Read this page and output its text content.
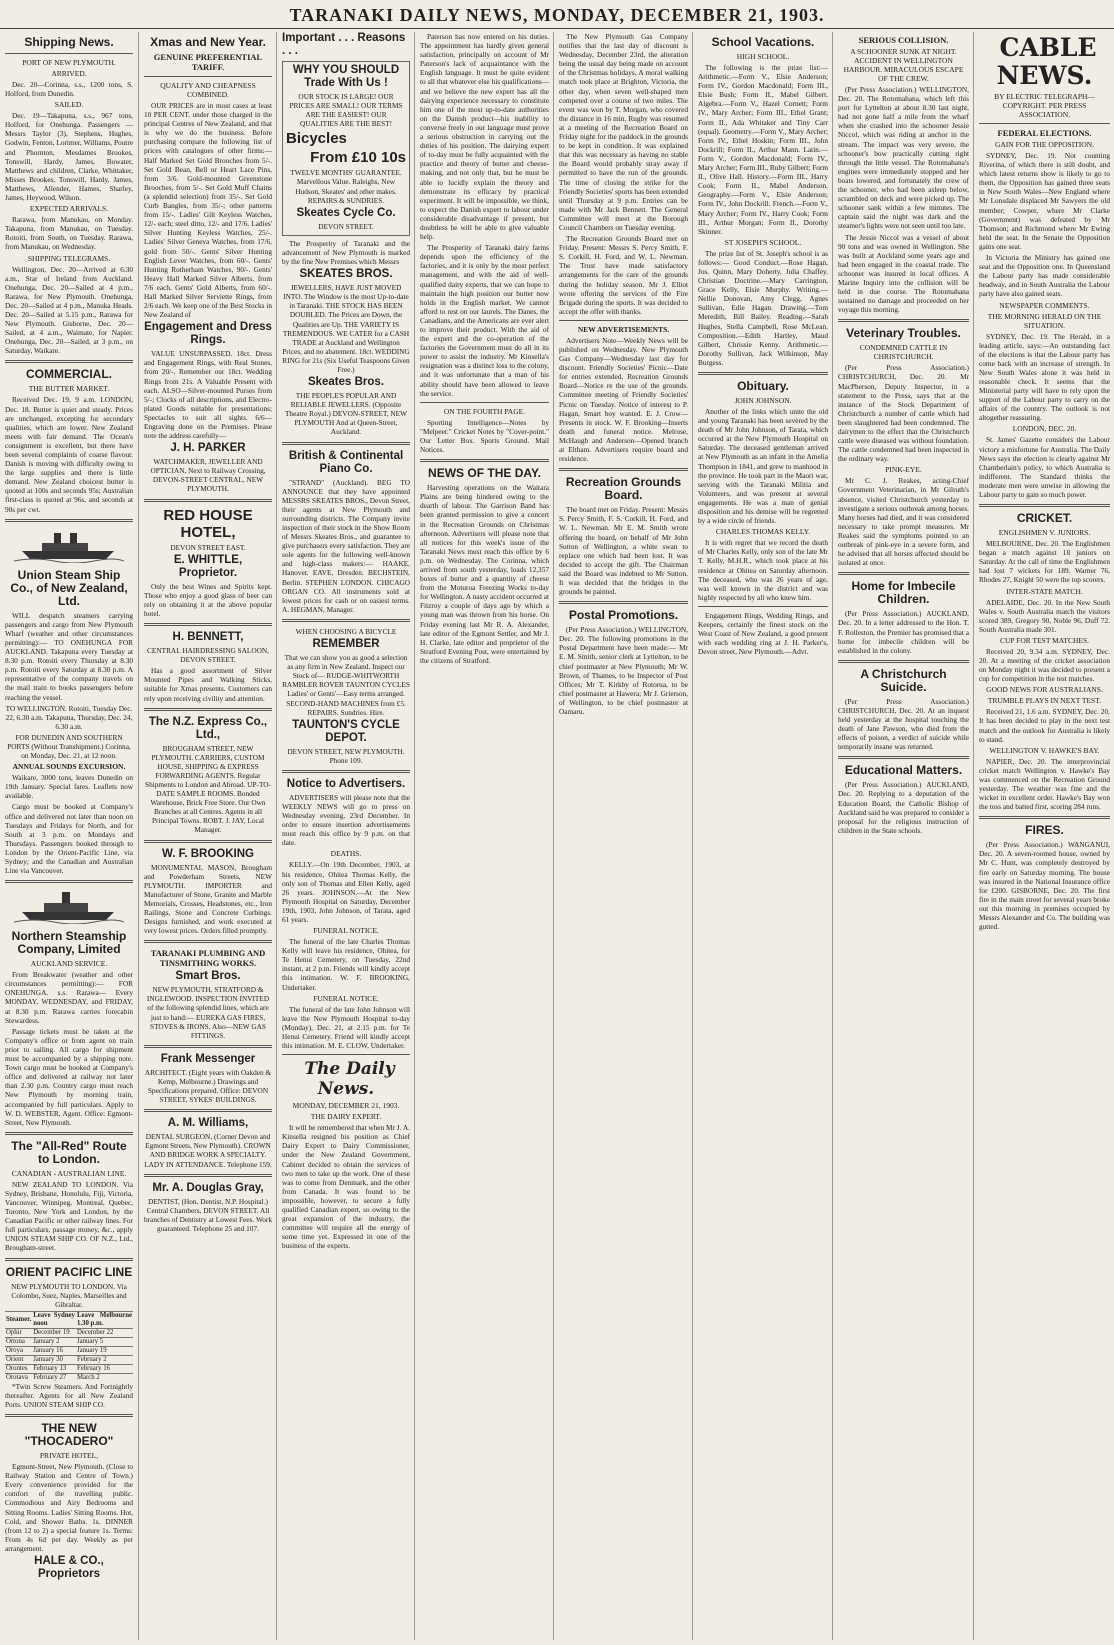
TARANAKI DAILY NEWS, MONDAY, DECEMBER 21, 1903.
Shipping News.
PORT OF NEW PLYMOUTH.
ARRIVED.

Dec. 20—Corinna, s.s., 1200 tons, S. Holford, from Dunedin.

SAILED.

Dec. 19—Takapuna, s.s., 967 tons, Holford, for Onehunga. Passengers —Messrs Taylor (3), Stephens, Hughes, Godwin, Fenton, Lorimer, Williams, Poutre and Phornton, Mesdames Brookes, Tonswill, Hardy, James, Bowater, Matthews and children, Clarke, Whittaker, Misses Brookes, Tonswill, Hardy, James, Matthews, Allender, Hames, Sharley, James, Heywood, Wilson.

EXPECTED ARRIVALS.

Rarawa, from Manukau, on Monday. Takapuna, from Manukau, on Tuesday. Rotoiti, from South, on Tuesday. Rarawa, from Manukau, on Wednesday.

SHIPPING TELEGRAMS.

Wellington, Dec. 20—Arrived at 6.30 a.m., Star of Ireland from Auckland. Onehunga, Dec. 20—Sailed at 4 p.m., Rarawa, for New Plymouth. Onehunga, Dec. 20—Sailed at 4 p.m., Manuka Heads. Dec. 20—Sailed at 5.15 p.m., Rarawa for New Plymouth. Gisborne, Dec. 20—Sailed, at 4 a.m., Waimate, for Napier. Onehunga, Dec. 20—Sailed, at 3 p.m., on Saturday, Waikare.

COMMERCIAL.
THE BUTTER MARKET.

Received Dec. 19, 9 a.m. LONDON, Dec. 18. Butter is quiet and steady. Prices are unchanged, excepting for secondary qualities, which are lower. New Zealand meets with fair demand. The Ocean's consignment is excellent, but there have been several complaints of coarse flavour. Danish is moving with difficulty owing to the large supplies and there is little demand. New Zealand choicest butter is quoted at 100s and seconds 95s; Australian first-class is quoted at 96s, and seconds at 90s per cwt.

Union Steam Ship Co., of New Zealand, Ltd.

WILL despatch steamers carrying passengers and cargo from New Plymouth Wharf (weather and other circumstances permitting):— TO ONEHUNGA FOR AUCKLAND. Takapuna every Tuesday at 8.30 p.m. Rotoiti every Thursday at 8.30 p.m. Rotoiti every Saturday at 8.30 p.m. A representative of the company travels on the mail train to books passengers before reaching the vessel.

TO WELLINGTON. Rotoiti, Tuesday Dec. 22, 6.30 a.m. Takapuna, Thursday, Dec. 24, 6.30 a.m.

FOR DUNEDIN AND SOUTHERN PORTS (Without Transhipment.) Corinna, on Monday, Dec. 21, at 12 noon.

ANNUAL SOUNDS EXCURSION.

Waikare, 3000 tons, leaves Dunedin on 19th January. Special fares. Leaflets now available.

Cargo must be booked at Company's office and delivered not later than noon on Tuesdays and Fridays for North, and for South at 3 p.m. on Mondays and Thursdays. Passengers booked through to London by the Orient-Pacific Line, via Sydney; and the Canadian and Australian Line via Vancouver.

Northern Steamship Company, Limited
AUCKLAND SERVICE.

From Breakwater (weather and other circumstances permitting):— FOR ONEHUNGA. s.s. Rarawa— Every MONDAY, WEDNESDAY, and FRIDAY, at 8.30 p.m. Rarawa carries forecabin Stewardess.

Passage tickets must be taken at the Company's office or from agent on train prior to sailing. All cargo for shipment must be accompanied by a shipping note. Town cargo must be booked at Company's office and delivered at railway not later than 2.30 p.m. Country cargo must reach New Plymouth by morning train, accompanied by full particulars. Apply to W. D. WEBSTER, Agent. Office: Egmont-Street, New Plymouth.

The "All-Red" Route to London.
CANADIAN - AUSTRALIAN LINE.

NEW ZEALAND TO LONDON. Via Sydney, Brisbane, Honolulu, Fiji, Victoria, Vancouver, Winnipeg, Montreal, Quebec, Toronto, New York and London, by the Canadian Pacific or other railway lines. For full particulars, passage money, &c., apply UNION STEAM SHIP CO. OF N.Z., Ltd., Brougham-street.

ORIENT PACIFIC LINE

NEW PLYMOUTH TO LONDON. Via Colombo, Suez, Naples, Marseilles and Gibraltar.

Steamer.	Leave Sydney noon	Leave Melbourne 1.30 p.m.
Ophir	December 19	December 22
Ortona	January 2	January 5
Oroya	January 16	January 19
Orient	January 30	February 2
Orontes	February 13	February 16
Orotava	February 27	March 2

*Twin Screw Steamers. And Fortnightly thereafter. Agents for all New Zealand Ports. UNION STEAM SHIP CO.

THE NEW "THOCADERO"
PRIVATE HOTEL,

Egmont-Street, New Plymouth. (Close to Railway Station and Centre of Town.) Every convenience provided for the comfort of the travelling public. Commodious and Airy Bedrooms and Sitting Rooms. Ladies' Sitting Rooms. Hot, Cold, and Shower Baths. 1s. DINNER (from 12 to 2) a special feature 1s. Terms: From 4s 6d per day. Weekly as per arrangement.

HALE & CO., Proprietors

Xmas and New Year.
GENUINE PREFERENTIAL TARIFF.
QUALITY AND CHEAPNESS COMBINED.

OUR PRICES are in most cases at least 10 PER CENT. under those charged in the principal Centres of New Zealand, and that is why we do the business. Before purchasing compare the following list of prices with catalogues of other firms:— Half Marked Set Gold Brooches from 5/-. Set Gold Bean, Bell or Heart Lace Pins, from 3/6. Gold-mounted Greenstone Brooches, from 5/-. Set Gold Muff Chains (a splendid selection) from 35/-. Set Gold Curb Bangles, from 35/-; other patterns from 15/-. Ladies' Gilt Keyless Watches, 12/- each; steel ditto, 12/- and 17/6. Ladies' Silver Hunting Keyless Watches, 25/-. Ladies' Silver Geneva Watches, from 17/6, gold from 50/-. Gents' Silver Hunting English Lever Watches, from 60/-. Gents' Hunting Rotherham Watches, 90/-. Gents' Heavy Hall Marked Silver Alberts, from 7/6 each. Gents' Gold Alberts, from 60/-. Hall Marked Silver Serviette Rings, from 2/6 each. We keep one of the Best Stocks in New Zealand of

Engagement and Dress Rings.

VALUE UNSURPASSED. 18ct. Dress and Engagement Rings, with Real Stones, from 20/-. Remember our 18ct. Wedding Rings from 21s. A Valuable Present with each. ALSO—Silver-mounted Purses from 5/-; Clocks of all descriptions, and Electro-plated Goods suitable for presentations; Spectacles to suit all sights. 6/6—Engraving done on the Premises. Please note the address carefully—

J. H. PARKER

WATCHMAKER, JEWELLER AND OPTICIAN, Next to Railway Crossing, DEVON-STREET CENTRAL, NEW PLYMOUTH.

RED HOUSE HOTEL,

DEVON STREET EAST.

E. WHITTLE, Proprietor.

Only the best Wines and Spirits kept. Those who enjoy a good glass of beer can rely on obtaining it at the above popular hotel.

H. BENNETT,

CENTRAL HAIRDRESSING SALOON, DEVON STREET.

Has a good assortment of Silver Mounted Pipes and Walking Sticks, suitable for Xmas presents. Customers can rely upon receiving civility and attention.

The N.Z. Express Co., Ltd.,

BROUGHAM STREET, NEW PLYMOUTH. CARRIERS, CUSTOM HOUSE, SHIPPING & EXPRESS FORWARDING AGENTS. Regular Shipments to London and Abroad. UP-TO-DATE SAMPLE ROOMS. Bonded Warehouse, Brick Free Store. Our Own Branches at all Centres. Agents in all Principal Towns. ROBT. J. JAY, Local Manager.

W. F. BROOKING

MONUMENTAL MASON, Brougham and Powderham Streets, NEW PLYMOUTH. IMPORTER and Manufacturer of Stone, Granite and Marble Memorials, Crosses, Headstones, etc., Iron Railings, Stone and Concrete Curbings. Designs furnished, and work executed at very lowest prices. Orders filled promptly.

TARANAKI PLUMBING AND TINSMITHING WORKS.

Smart Bros.

NEW PLYMOUTH, STRATFORD & INGLEWOOD. INSPECTION INVITED of the following splendid lines, which are just to hand:— EUREKA GAS FIRES, STOVES & IRONS. Also—NEW GAS FITTINGS.

Frank Messenger

ARCHITECT. (Eight years with Oakden & Kemp, Melbourne.) Drawings and Specifications prepared. Office: DEVON STREET, SYKES' BUILDINGS.

A. M. Williams,

DENTAL SURGEON, (Corner Devon and Egmont Streets, New Plymouth). CROWN AND BRIDGE WORK A SPECIALTY. LADY IN ATTENDANCE. Telephone 159.

Mr. A. Douglas Gray,

DENTIST, (Hon. Dentist, N.P. Hospital.) Central Chambers, DEVON STREET. All branches of Dentistry at Lowest Fees. Work guaranteed. Telephone 25 and 107.

Important . . . Reasons . . .

WHY YOU SHOULD Trade With Us !

OUR STOCK IS LARGE! OUR PRICES ARE SMALL! OUR TERMS ARE THE EASIEST! OUR QUALITIES ARE THE BEST!

Bicycles

From £10 10s

TWELVE MONTHS' GUARANTEE. Marvellous Value. Raleighs, New Hudson, Skeates' and other makes. REPAIRS & SUNDRIES.

Skeates Cycle Co.

DEVON STREET.

The Prosperity of Taranaki and the advancement of New Plymouth is marked by the fine New Premises which Messrs

SKEATES BROS.

JEWELLERS, HAVE JUST MOVED INTO. The Window is the most Up-to-date in Taranaki. THE STOCK HAS BEEN DOUBLED. The Prices are Down, the Qualities are Up. THE VARIETY IS TREMENDOUS. WE CATER for a CASH TRADE at Auckland and Wellington Prices, and no abatement. 18ct. WEDDING RING for 21s (Six Useful Teaspoons Given Free.)

Skeates Bros.

THE PEOPLE'S POPULAR AND RELIABLE JEWELLERS. (Opposite Theatre Royal.) DEVON-STREET, NEW PLYMOUTH And at Queen-Street, Auckland.

British & Continental Piano Co.

"STRAND" (Auckland). BEG TO ANNOUNCE that they have appointed MESSRS SKEATES BROS., Devon Street, their agents at New Plymouth and surrounding districts. The Company invite inspection of their stock in the Show Room of Messrs Skeates Bros., and guarantee to give purchasers every satisfaction. They are sole agents for the following well-known and high-class makers:— HAAKE, Hanover. EAVE, Dresden. BECHSTEIN, Berlin. STEPHEN LONDON. CHICAGO ORGAN CO. All instruments sold at lowest prices for cash or on easiest terms. A. HEGMAN, Manager.

WHEN CHOOSING A BICYCLE

REMEMBER

That we can show you as good a selection as any firm in New Zealand. Inspect our Stock of— RUDGE-WHITWORTH RAMBLER ROVER TAUNTON CYCLES Ladies' or Gents'—Easy terms arranged. SECOND-HAND MACHINES from £5. REPAIRS. Sundries. Hire.

TAUNTON'S CYCLE DEPOT.

DEVON STREET, NEW PLYMOUTH. Phone 109.

Notice to Advertisers.

ADVERTISERS will please note that the WEEKLY NEWS will go to press on Wednesday evening, 23rd December. In order to ensure insertion advertisements must reach this office by 9 p.m. on that date.

DEATHS.

KELLY.—On 19th December, 1903, at his residence, Ohitea Thomas Kelly, the only son of Thomas and Ellen Kelly, aged 26 years. JOHNSON.—At the New Plymouth Hospital on Saturday, December 19th, 1903, John Johnson, of Tarata, aged 61 years.

FUNERAL NOTICE.

The funeral of the late Charles Thomas Kelly will leave his residence, Ohitea, for Te Henui Cemetery, on Tuesday, 22nd instant, at 2 p.m. Friends will kindly accept this intimation. W. F. BROOKING, Undertaker.

FUNERAL NOTICE.

The funeral of the late John Johnson will leave the New Plymouth Hospital to-day (Monday), Dec. 21, at 2.15 p.m. for Te Henui Cemetery. Friend will kindly accept this intimation. M. E. CLOW, Undertaker.

The Daily News.

MONDAY, DECEMBER 21, 1903.
THE DAIRY EXPERT.

It will be remembered that when Mr J. A. Kinsella resigned his position as Chief Dairy Expert to Dairy Commissioner, under the New Zealand Government, Cabinet decided to obtain the services of two men to take up the work. One of these was to come from Denmark, and the other from Canada. It was found to be impossible, however, to secure a fully qualified Canadian expert, so owing to the great expansion of the industry, the committee will require all the energy of some time yet. Expressed in one of the business of the experts.

Paterson has now entered on his duties. The appointment has hardly given general satisfaction, principally on account of Mr Paterson's lack of acquaintance with the English language. It must be quite evident to all that whatever else his qualifications—and we believe the new expert has all the dairying experience necessary to constitute him one of the most up-to-date authorities on the Danish product—his inability to converse freely in our language must prove a serious obstruction in carrying out the duties of his position. The dairying expert of to-day must be fully acquainted with the practice and theory of butter and cheese-making, and not only that, but he must be able to lucidly explain the theory and demonstrate its efficacy by practical experiment. It will be impossible, we think, to expect the Danish expert to labour under considerable disadvantage if present, but doubtless he will be able to give valuable help.

The Prosperity of Taranaki dairy farms depends upon the efficiency of the factories, and it is only by the most perfect management, and with the aid of well-qualified dairy experts, that we can hope to maintain the high position our butter now holds in the English market. We cannot afford to rest on our laurels. The Danes, the Canadians, and the Americans are ever alert to improve their product. With the aid of the expert and the co-operation of the factories the Government must do all in its power to assist the industry. Mr Kinsella's resignation was a distinct loss to the colony, and it was unfortunate that a man of his ability should have been allowed to leave the service.

ON THE FOURTH PAGE.

Sporting Intelligence—Notes by "Melpeer." Cricket Notes by "Cover-point." Our Letter Box. Sports Ground. Mail Notices.

NEWS OF THE DAY.

Harvesting operations on the Waitara Plains are being hindered owing to the dearth of labour. The Garrison Band has been granted permission to give a concert in the Recreation Grounds on Christmas afternoon. Advertisers will please note that all notices for this week's issue of the Taranaki News must reach this office by 6 p.m. on Wednesday. The Corinna, which arrived from south yesterday, loads 12,357 boxes of butter and a quantity of cheese from the Moturoa Freezing Works to-day for Wellington. A nasty accident occurred at Fitzroy a couple of days ago by which a young man was thrown from his horse. On Friday evening last Mr R. A. Alexander, late editor of the Egmont Settler, and Mr J. H. Clarke, late editor and proprietor of the Stratford Evening Post, were entertained by the citizens of Stratford.

The New Plymouth Gas Company notifies that the last day of discount is Wednesday, December 23rd, the alteration being the usual day being made on account of the Christmas holidays. A moral walking match took place at Brighton, Victoria, the other day, when seven well-shaped men competed over a course of two miles. The event was won by T. Morgan, who covered the distance in 16 min. Rugby was resumed at a meeting of the Recreation Board on Friday night for the paddock in the grounds to be kept in condition. It was explained that this was necessary as having no stable the Board would probably stray away if permitted to have the run of the grounds. The time of closing the strike for the Friendly Societies' sports has been extended until Thursday at 9 p.m. Entries can be made with Mr Jack Bennett. The General Committee will meet at the Borough Council Chambers on Tuesday evening.

The Recreation Grounds Board met on Friday. Present: Messrs S. Percy Smith, F. S. Corkill, H. Ford, and W. L. Newman. The Trust have made satisfactory arrangements for the care of the grounds during the holiday season. Mr J. Elliot wrote offering the services of the Fire Brigade during the sports. It was decided to accept the offer with thanks.

NEW ADVERTISEMENTS.

Advertisers Note—Weekly News will be published on Wednesday. New Plymouth Gas Company—Wednesday last day for discount. Friendly Societies' Picnic—Date for entries extended. Recreation Grounds Board—Notice re the use of the grounds. Committee meeting of Friendly Societies' Picnic on Tuesday. Notice of interest to P. Hagan, Smart boy wanted. E. J. Crow—Presents in stock. W. F. Brooking—Inserts death and funeral notice. Melrose, McHaugh and Anderson—Opened branch at Eltham. Advertisers require board and residence.

Recreation Grounds Board.

The board met on Friday. Present: Messrs S. Percy Smith, F. S. Corkill, H. Ford, and W. L. Newman. Mr E. M. Smith wrote offering the board, on behalf of Mr John Sutton of Wellington, a white swan to replace one which had been lost. It was decided to accept the gift. The Chairman said the Board was indebted to Mr Sutton. It was decided that the bridges in the grounds be painted.

Postal Promotions.

(Per Press Association.) WELLINGTON, Dec. 20. The following promotions in the Postal Department have been made:— Mr E. M. Smith, senior clerk at Lyttelton, to be chief postmaster at New Plymouth; Mr W. Brown, of Thames, to be Inspector of Post Offices; Mr T. Kirkby of Rotorua, to be chief postmaster at Hawera; Mr J. Grierson, of Wellington, to be chief postmaster at Oamaru.

School Vacations.
HIGH SCHOOL.

The following is the prize list:— Arithmetic.—Form V., Elsie Anderson; Form IV., Gordon Macdonald; Form III., Elsie Bush; Form II., Mabel Gilbert. Algebra.—Form V., Hazel Cornett; Form IV., Mary Archer; Form III., Ethel Grant; Form II., Ada Whitaker and Tiny Carr (equal). Geometry.—Form V., Mary Archer; Form IV., Ethel Hoskin; Form III., John Dockrill; Form II., Arthur Mann. Latin.—Form V., Gordon Macdonald; Form IV., Mary Archer; Form III., Ruby Gilbert; Form II., Olive Hall. History.—Form III., Harry Cook; Form II., Mabel Anderson. Geography.—Form V., Elsie Anderson; Form IV., John Dockrill. French.—Form V., Mary Archer; Form IV., Harry Cook; Form III., Arthur Morgan; Form II., Dorothy Skinner.

ST JOSEPH'S SCHOOL.

The prize list of St. Joseph's school is as follows:— Good Conduct.—Rose Hagan, Jos. Quinn, Mary Doherty, Julia Chaffey. Christian Doctrine.—Mary Carrington, Grace Kelly, Elsie Murphy. Writing.—Nellie Donovan, Amy Clegg, Agnes Sullivan, Edie Hagan. Drawing.—Tom Meredith, Bill Bailey. Reading.—Sarah Hughes, Stella Campbell, Rose McLean. Composition.—Edith Hartley, Maud Gilbert, Chrissie Kenny. Arithmetic.—Dorothy Sullivan, Jack Wilkinson, May Burgess.

Obituary.
JOHN JOHNSON.

Another of the links which unite the old and young Taranaki has been severed by the death of Mr John Johnson, of Tarata, which occurred at the New Plymouth Hospital on Saturday. The deceased gentleman arrived at New Plymouth as an infant in the Amelia Thompson in 1841, and grew to manhood in the province. He took part in the Maori war, serving with the Taranaki Militia and Volunteers, and was present at several engagements. He was a man of genial disposition and his demise will be regretted by a wide circle of friends.

CHARLES THOMAS KELLY.

It is with regret that we record the death of Mr Charles Kelly, only son of the late Mr T. Kelly, M.H.R., which took place at his residence at Ohitea on Saturday afternoon. The deceased, who was 26 years of age, was well known in the district and was highly respected by all who knew him.

Engagement Rings, Wedding Rings, and Keepers, certainly the finest stock on the West Coast of New Zealand, a good present with each wedding ring at J. H. Parker's, Devon street, New Plymouth.—Advt.

SERIOUS COLLISION.
A SCHOONER SUNK AT NIGHT. ACCIDENT IN WELLINGTON HARBOUR. MIRACULOUS ESCAPE OF THE CREW.

(Per Press Association.) WELLINGTON, Dec. 20. The Rotomahana, which left this port for Lyttelton at about 8.30 last night, had not gone half a mile from the wharf when she crashed into the schooner Jessie Niccol, which was riding at anchor in the stream. The impact was very severe, the schooner's bow practically cutting right through the little vessel. The Rotomahana's engines were immediately stopped and her boats lowered, and fortunately the crew of the schooner, who had been asleep below, scrambled on deck and were picked up. The schooner sank within a few minutes. The captain said the night was dark and the steamer's lights were not seen until too late.

The Jessie Niccol was a vessel of about 90 tons and was owned in Wellington. She was built at Auckland some years ago and had been engaged in the coastal trade. The schooner was insured in local offices. A Marine Inquiry into the collision will be held in due course. The Rotomahana sustained no damage and proceeded on her voyage this morning.

Veterinary Troubles.
CONDEMNED CATTLE IN CHRISTCHURCH.

(Per Press Association.) CHRISTCHURCH, Dec. 20. Mr MacPherson, Deputy Inspector, in a statement to the Press, says that at the instance of the Stock Department of Christchurch a number of cattle which had been slaughtered had been condemned. The dairymen to the effect that the Christchurch cattle were diseased was without foundation. The cattle condemned had been inspected in the ordinary way.

PINK-EYE.

Mr C. J. Reakes, acting-Chief Government Veterinarian, in Mr Gilruth's absence, visited Christchurch yesterday to investigate a serious outbreak among horses. Many horses had died, and it was considered necessary to take prompt measures. Mr Reakes said the symptoms pointed to an outbreak of pink-eye in a severe form, and he advised that all horses affected should be isolated at once.

Home for Imbecile Children.

(Per Press Association.) AUCKLAND, Dec. 20. In a letter addressed to the Hon. T. F. Rolleston, the Premier has promised that a home for imbecile children will be established in the colony.

A Christchurch Suicide.

(Per Press Association.) CHRISTCHURCH, Dec. 20. At an inquest held yesterday at the hospital touching the death of Jane Pawson, who died from the effects of poison, a verdict of suicide while temporarily insane was returned.

Educational Matters.

(Per Press Association.) AUCKLAND, Dec. 20. Replying to a deputation of the Education Board, the Catholic Bishop of Auckland said he was prepared to consider a proposal for the religious instruction of children in the State schools.

CABLE NEWS.

BY ELECTRIC TELEGRAPH—COPYRIGHT. PER PRESS ASSOCIATION.
FEDERAL ELECTIONS.
GAIN FOR THE OPPOSITION.

SYDNEY, Dec. 19. Not counting Riverina, of which there is still doubt, and which latest returns show is likely to go to them, the Opposition has gained three seats in New South Wales—New England where Mr Lonsdale displaced Mr Sawyers the old member; Cowper, where Mr Clarke (Government) was defeated by Mr Thomson; and Richmond where Mr Ewing held the seat. In the Senate the Opposition gains one seat.

In Victoria the Ministry has gained one seat and the Opposition one. In Queensland the Labour party has made considerable headway, and in South Australia the Labour party have also gained seats.

NEWSPAPER COMMENTS.
THE MORNING HERALD ON THE SITUATION.

SYDNEY, Dec. 19. The Herald, in a leading article, says:—An outstanding fact of the elections is that the Labour party has come back with an increase of strength. In New South Wales alone it was held in reasonable check. It seems that the Ministerial party will have to rely upon the support of the Labour party to carry on the affairs of the country. The outlook is not altogether reassuring.

LONDON, DEC. 20.

St. James' Gazette considers the Labour victory a misfortune for Australia. The Daily News says the election is clearly against Mr Chamberlain's policy, to which Australia is indifferent. The Standard thinks the moderate men were unwise in allowing the Labour party to gain so much power.

CRICKET.
ENGLISHMEN V. JUNIORS.

MELBOURNE, Dec. 20. The Englishmen began a match against 18 juniors on Saturday. At the call of time the Englishmen had lost 7 wickets for 189. Warner 76, Rhodes 27, Knight 50 were the top scorers.

INTER-STATE MATCH.

ADELAIDE, Dec. 20. In the New South Wales v. South Australia match the visitors scored 389, Gregory 90, Noble 96, Duff 72. South Australia made 301.

CUP FOR TEST MATCHES.

Received 20, 9.34 a.m. SYDNEY, Dec. 20. At a meeting of the cricket association on Monday night it was decided to present a cup for competition in the test matches.

GOOD NEWS FOR AUSTRALIANS.
TRUMBLE PLAYS IN NEXT TEST.

Received 21, 1.6 a.m. SYDNEY, Dec. 20. It has been decided to play in the next test match and the outlook for Australia is likely to stand.

WELLINGTON V. HAWKE'S BAY.

NAPIER, Dec. 20. The interprovincial cricket match Wellington v. Hawke's Bay was commenced on the Recreation Ground yesterday. The weather was fine and the wicket in excellent order. Hawke's Bay won the toss and batted first, scoring 284 runs.

FIRES.

(Per Press Association.) WANGANUI, Dec. 20. A seven-roomed house, owned by Mr C. Hunt, was completely destroyed by fire early on Saturday morning. The house was insured in the National Insurance office for £200. GISBORNE, Dec. 20. The first fire in the main street for several years broke out this morning in premises occupied by Messrs Alexander and Co. The building was gutted.
